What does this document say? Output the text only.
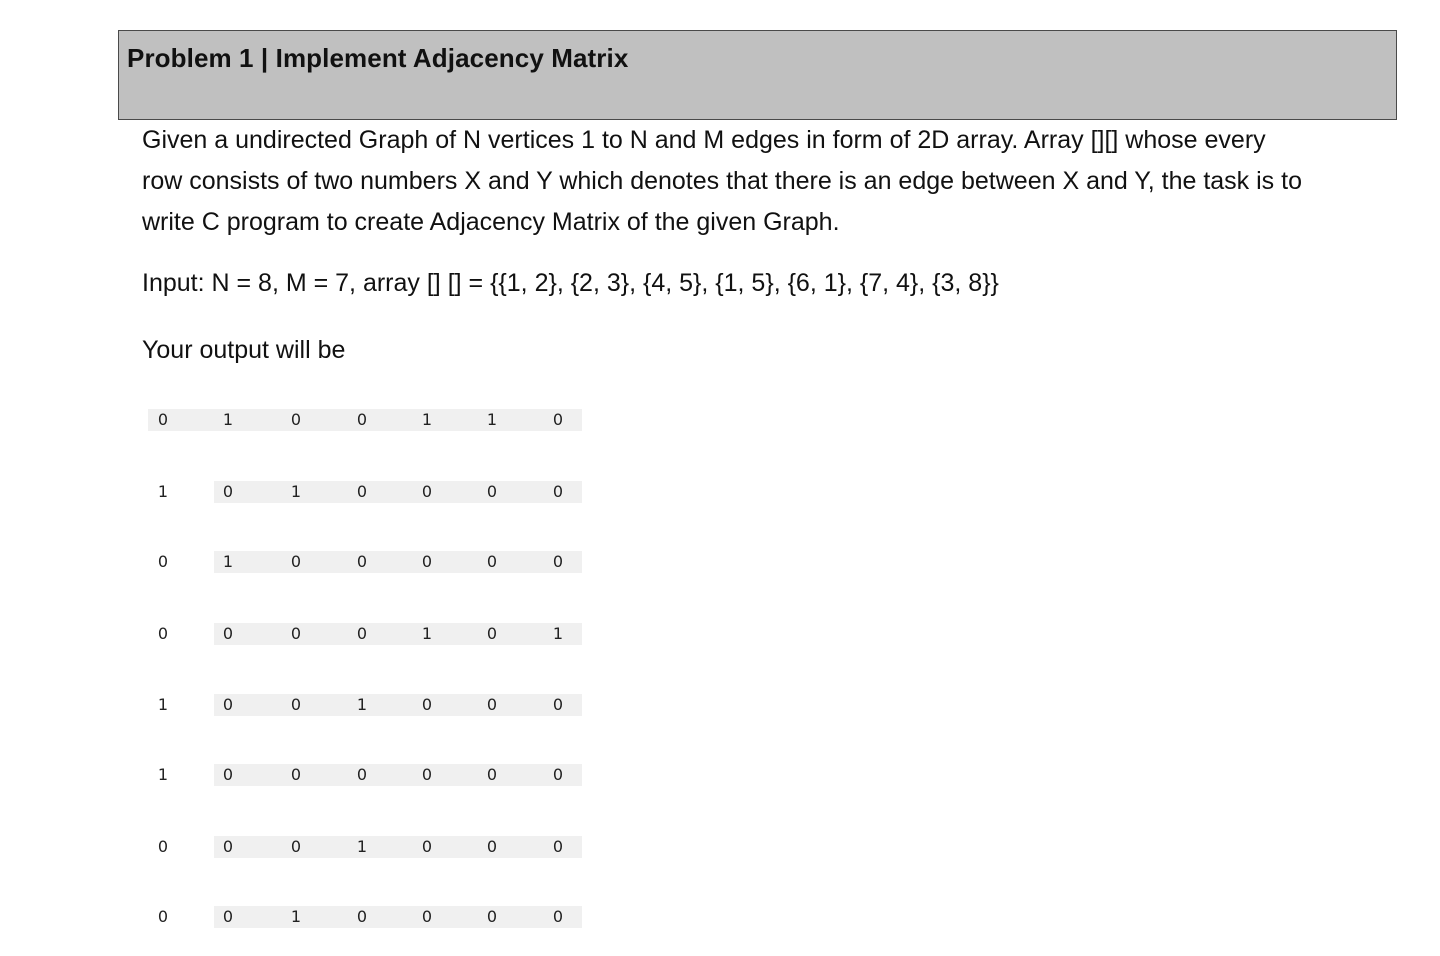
Problem 1 | Implement Adjacency Matrix
Given a undirected Graph of N vertices 1 to N and M edges in form of 2D array. Array [][] whose every
row consists of two numbers X and Y which denotes that there is an edge between X and Y, the task is to
write C program to create Adjacency Matrix of the given Graph.
Input: N = 8, M = 7, array [] [] = {{1, 2}, {2, 3}, {4, 5}, {1, 5}, {6, 1}, {7, 4}, {3, 8}}
Your output will be
0	1	0	0	1	1	0
1	0	1	0	0	0	0
0	1	0	0	0	0	0
0	0	0	0	1	0	1
1	0	0	1	0	0	0
1	0	0	0	0	0	0
0	0	0	1	0	0	0
0	0	1	0	0	0	0
